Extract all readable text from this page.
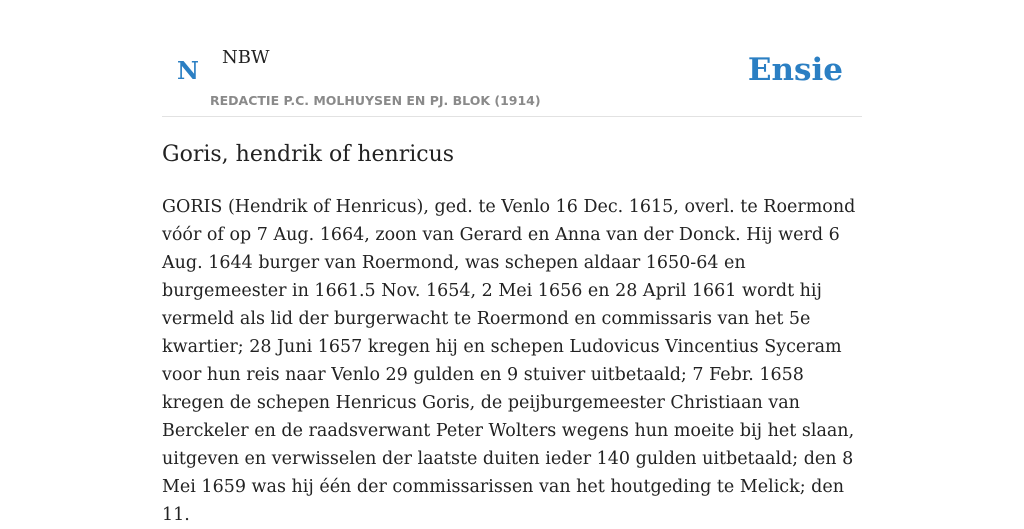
N NBW
REDACTIE P.C. MOLHUYSEN EN PJ. BLOK (1914)
Ensie
Goris, hendrik of henricus

GORIS (Hendrik of Henricus), ged. te Venlo 16 Dec. 1615, overl. te Roermond vóór of op 7 Aug. 1664, zoon van Gerard en Anna van der Donck. Hij werd 6 Aug. 1644 burger van Roermond, was schepen aldaar 1650-64 en burgemeester in 1661.5 Nov. 1654, 2 Mei 1656 en 28 April 1661 wordt hij vermeld als lid der burgerwacht te Roermond en commissaris van het 5e kwartier; 28 Juni 1657 kregen hij en schepen Ludovicus Vincentius Syceram voor hun reis naar Venlo 29 gulden en 9 stuiver uitbetaald; 7 Febr. 1658 kregen de schepen Henricus Goris, de peijburgemeester Christiaan van Berckeler en de raadsverwant Peter Wolters wegens hun moeite bij het slaan, uitgeven en verwisselen der laatste duiten ieder 140 gulden uitbetaald; den 8 Mei 1659 was hij één der commissarissen van het houtgeding te Melick; den 11.
